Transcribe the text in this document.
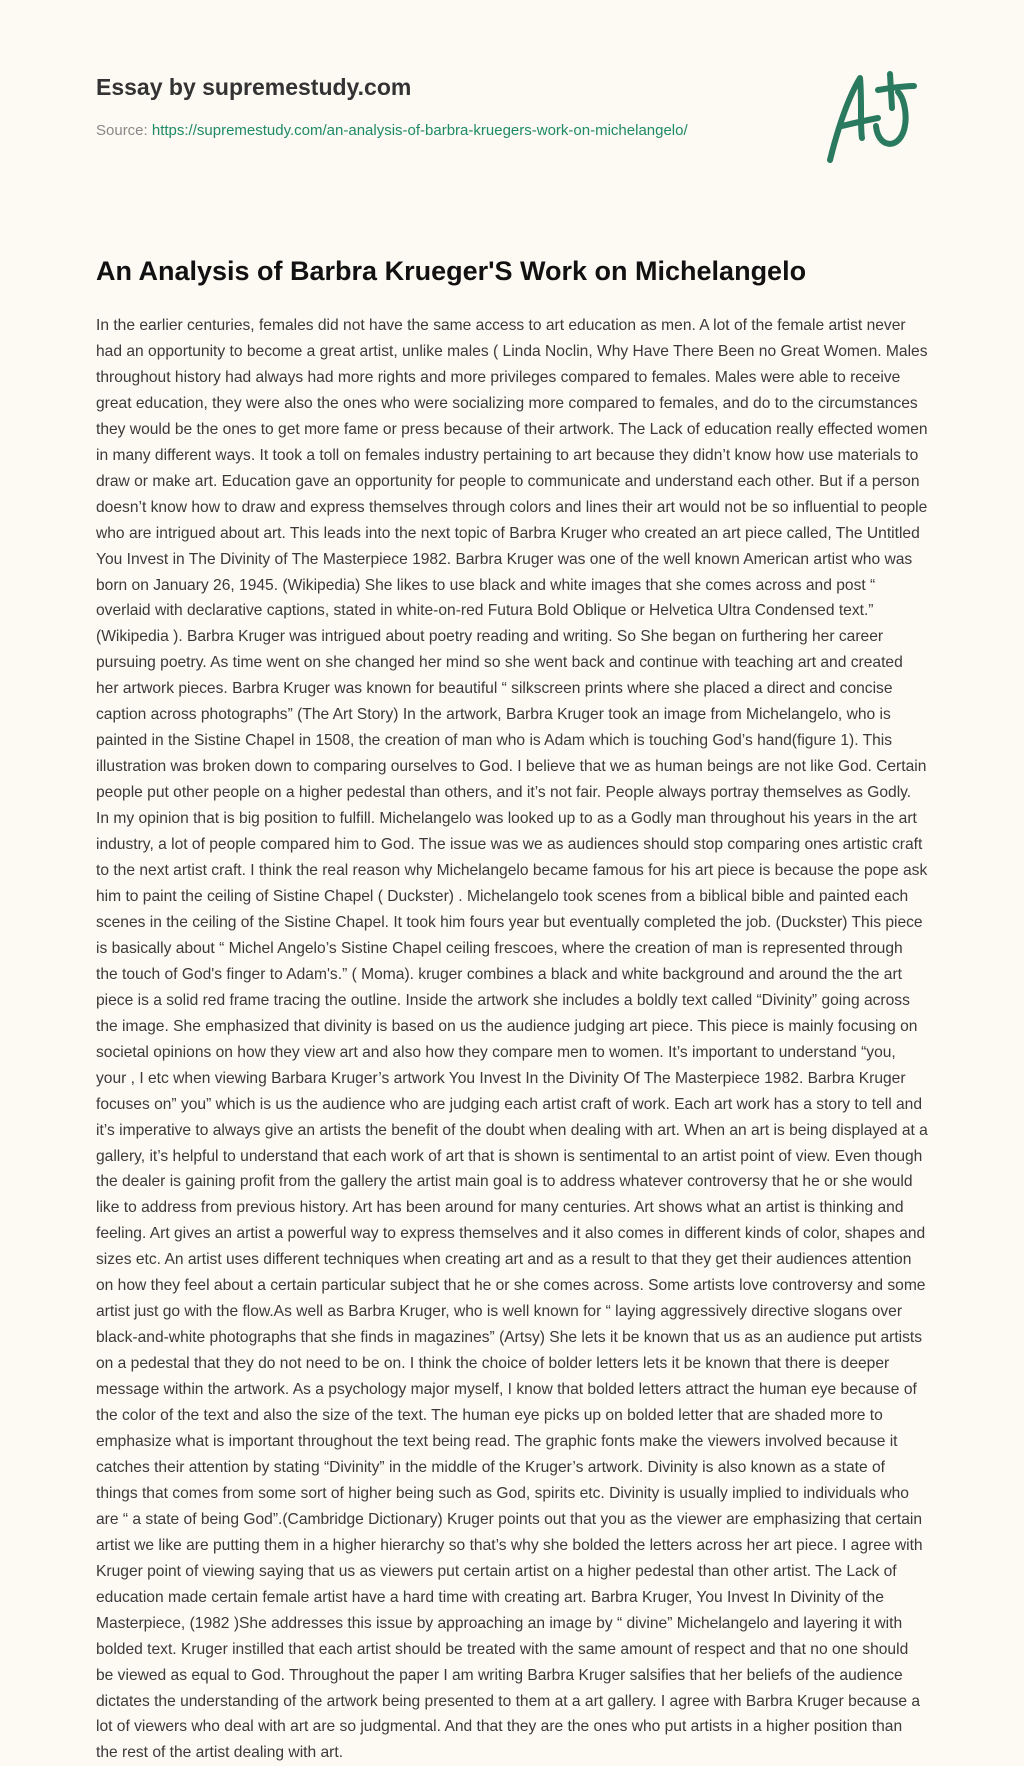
Essay by supremestudy.com
Source: https://supremestudy.com/an-analysis-of-barbra-kruegers-work-on-michelangelo/
An Analysis of Barbra Krueger'S Work on Michelangelo

In the earlier centuries, females did not have the same access to art education as men. A lot of the female artist never had an opportunity to become a great artist, unlike males ( Linda Noclin, Why Have There Been no Great Women. Males throughout history had always had more rights and more privileges compared to females. Males were able to receive great education, they were also the ones who were socializing more compared to females, and do to the circumstances they would be the ones to get more fame or press because of their artwork. The Lack of education really effected women in many different ways. It took a toll on females industry pertaining to art because they didn’t know how use materials to draw or make art. Education gave an opportunity for people to communicate and understand each other. But if a person doesn’t know how to draw and express themselves through colors and lines their art would not be so influential to people who are intrigued about art. This leads into the next topic of Barbra Kruger who created an art piece called, The Untitled You Invest in The Divinity of The Masterpiece 1982. Barbra Kruger was one of the well known American artist who was born on January 26, 1945. (Wikipedia) She likes to use black and white images that she comes across and post “ overlaid with declarative captions, stated in white-on-red Futura Bold Oblique or Helvetica Ultra Condensed text.” (Wikipedia ). Barbra Kruger was intrigued about poetry reading and writing. So She began on furthering her career pursuing poetry. As time went on she changed her mind so she went back and continue with teaching art and created her artwork pieces. Barbra Kruger was known for beautiful “ silkscreen prints where she placed a direct and concise caption across photographs” (The Art Story) In the artwork, Barbra Kruger took an image from Michelangelo, who is painted in the Sistine Chapel in 1508, the creation of man who is Adam which is touching God’s hand(figure 1). This illustration was broken down to comparing ourselves to God. I believe that we as human beings are not like God. Certain people put other people on a higher pedestal than others, and it’s not fair. People always portray themselves as Godly. In my opinion that is big position to fulfill. Michelangelo was looked up to as a Godly man throughout his years in the art industry, a lot of people compared him to God. The issue was we as audiences should stop comparing ones artistic craft to the next artist craft. I think the real reason why Michelangelo became famous for his art piece is because the pope ask him to paint the ceiling of Sistine Chapel ( Duckster) . Michelangelo took scenes from a biblical bible and painted each scenes in the ceiling of the Sistine Chapel. It took him fours year but eventually completed the job. (Duckster) This piece is basically about “ Michel Angelo’s Sistine Chapel ceiling frescoes, where the creation of man is represented through the touch of God's finger to Adam's.” ( Moma). kruger combines a black and white background and around the the art piece is a solid red frame tracing the outline. Inside the artwork she includes a boldly text called “Divinity” going across the image. She emphasized that divinity is based on us the audience judging art piece. This piece is mainly focusing on societal opinions on how they view art and also how they compare men to women. It’s important to understand “you, your , I etc when viewing Barbara Kruger’s artwork You Invest In the Divinity Of The Masterpiece 1982. Barbra Kruger focuses on” you” which is us the audience who are judging each artist craft of work. Each art work has a story to tell and it’s imperative to always give an artists the benefit of the doubt when dealing with art. When an art is being displayed at a gallery, it’s helpful to understand that each work of art that is shown is sentimental to an artist point of view. Even though the dealer is gaining profit from the gallery the artist main goal is to address whatever controversy that he or she would like to address from previous history. Art has been around for many centuries. Art shows what an artist is thinking and feeling. Art gives an artist a powerful way to express themselves and it also comes in different kinds of color, shapes and sizes etc. An artist uses different techniques when creating art and as a result to that they get their audiences attention on how they feel about a certain particular subject that he or she comes across. Some artists love controversy and some artist just go with the flow.As well as Barbra Kruger, who is well known for “ laying aggressively directive slogans over black-and-white photographs that she finds in magazines” (Artsy) She lets it be known that us as an audience put artists on a pedestal that they do not need to be on. I think the choice of bolder letters lets it be known that there is deeper message within the artwork. As a psychology major myself, I know that bolded letters attract the human eye because of the color of the text and also the size of the text. The human eye picks up on bolded letter that are shaded more to emphasize what is important throughout the text being read. The graphic fonts make the viewers involved because it catches their attention by stating “Divinity” in the middle of the Kruger’s artwork. Divinity is also known as a state of things that comes from some sort of higher being such as God, spirits etc. Divinity is usually implied to individuals who are “ a state of being God”.(Cambridge Dictionary) Kruger points out that you as the viewer are emphasizing that certain artist we like are putting them in a higher hierarchy so that’s why she bolded the letters across her art piece. I agree with Kruger point of viewing saying that us as viewers put certain artist on a higher pedestal than other artist. The Lack of education made certain female artist have a hard time with creating art. Barbra Kruger, You Invest In Divinity of the Masterpiece, (1982 )She addresses this issue by approaching an image by “ divine” Michelangelo and layering it with bolded text. Kruger instilled that each artist should be treated with the same amount of respect and that no one should be viewed as equal to God. Throughout the paper I am writing Barbra Kruger salsifies that her beliefs of the audience dictates the understanding of the artwork being presented to them at a art gallery. I agree with Barbra Kruger because a lot of viewers who deal with art are so judgmental. And that they are the ones who put artists in a higher position than the rest of the artist dealing with art.
